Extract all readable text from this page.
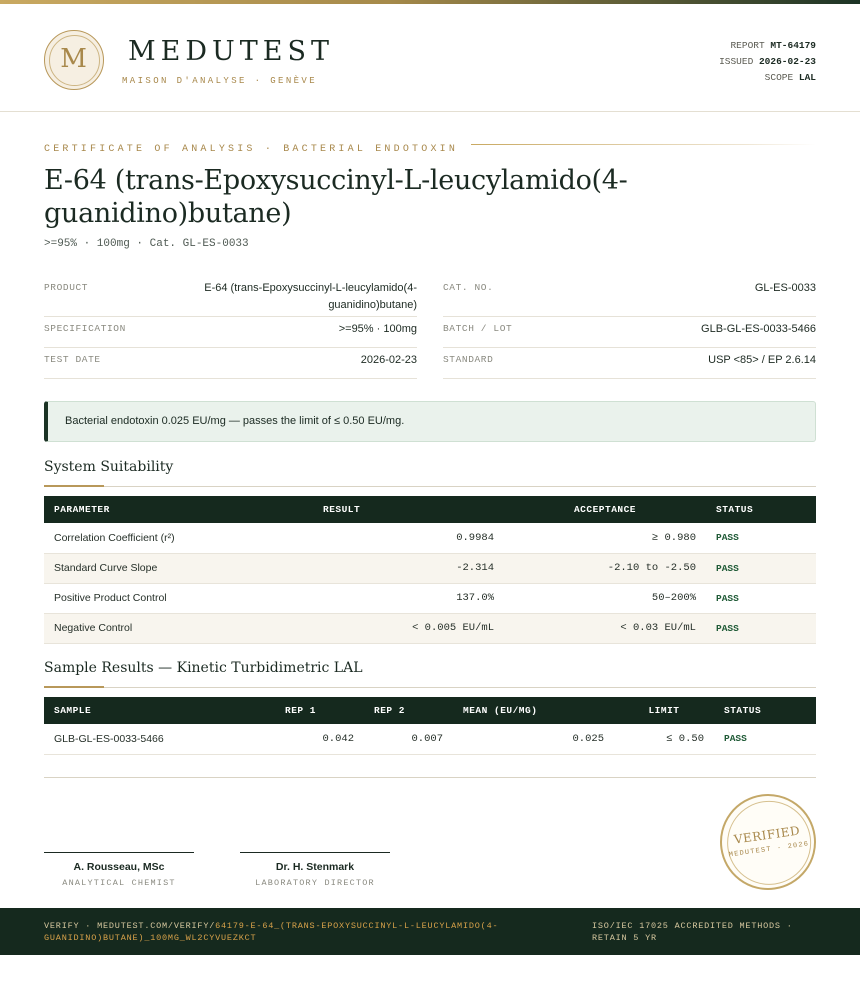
M	MEDUTEST
MAISON D'ANALYSE · GENÈVE
REPORT MT-64179
ISSUED 2026-02-23
SCOPE LAL
CERTIFICATE OF ANALYSIS · BACTERIAL ENDOTOXIN
E-64 (trans-Epoxysuccinyl-L-leucylamido(4-guanidino)butane)
>=95% · 100mg · Cat. GL-ES-0033
PRODUCT	E-64 (trans-Epoxysuccinyl-L-leucylamido(4-guanidino)butane)
SPECIFICATION	>=95% · 100mg
TEST DATE	2026-02-23
CAT. NO.	GL-ES-0033
BATCH / LOT	GLB-GL-ES-0033-5466
STANDARD	USP <85> / EP 2.6.14
Bacterial endotoxin 0.025 EU/mg — passes the limit of ≤ 0.50 EU/mg.
System Suitability
PARAMETER	RESULT	ACCEPTANCE	STATUS
Correlation Coefficient (r²)	0.9984	≥ 0.980	PASS
Standard Curve Slope	-2.314	-2.10 to -2.50	PASS
Positive Product Control	137.0%	50–200%	PASS
Negative Control	< 0.005 EU/mL	< 0.03 EU/mL	PASS
Sample Results — Kinetic Turbidimetric LAL
SAMPLE	REP 1	REP 2	MEAN (EU/MG)	LIMIT	STATUS
GLB-GL-ES-0033-5466	0.042	0.007	0.025	≤ 0.50	PASS
A. Rousseau, MSc
ANALYTICAL CHEMIST
Dr. H. Stenmark
LABORATORY DIRECTOR
VERIFIED
MEDUTEST · 2026
VERIFY · MEDUTEST.COM/VERIFY/64179-E-64_(TRANS-EPOXYSUCCINYL-L-LEUCYLAMIDO(4-GUANIDINO)BUTANE)_100MG_WL2CYVUEZKCT
ISO/IEC 17025 ACCREDITED METHODS · RETAIN 5 YR
